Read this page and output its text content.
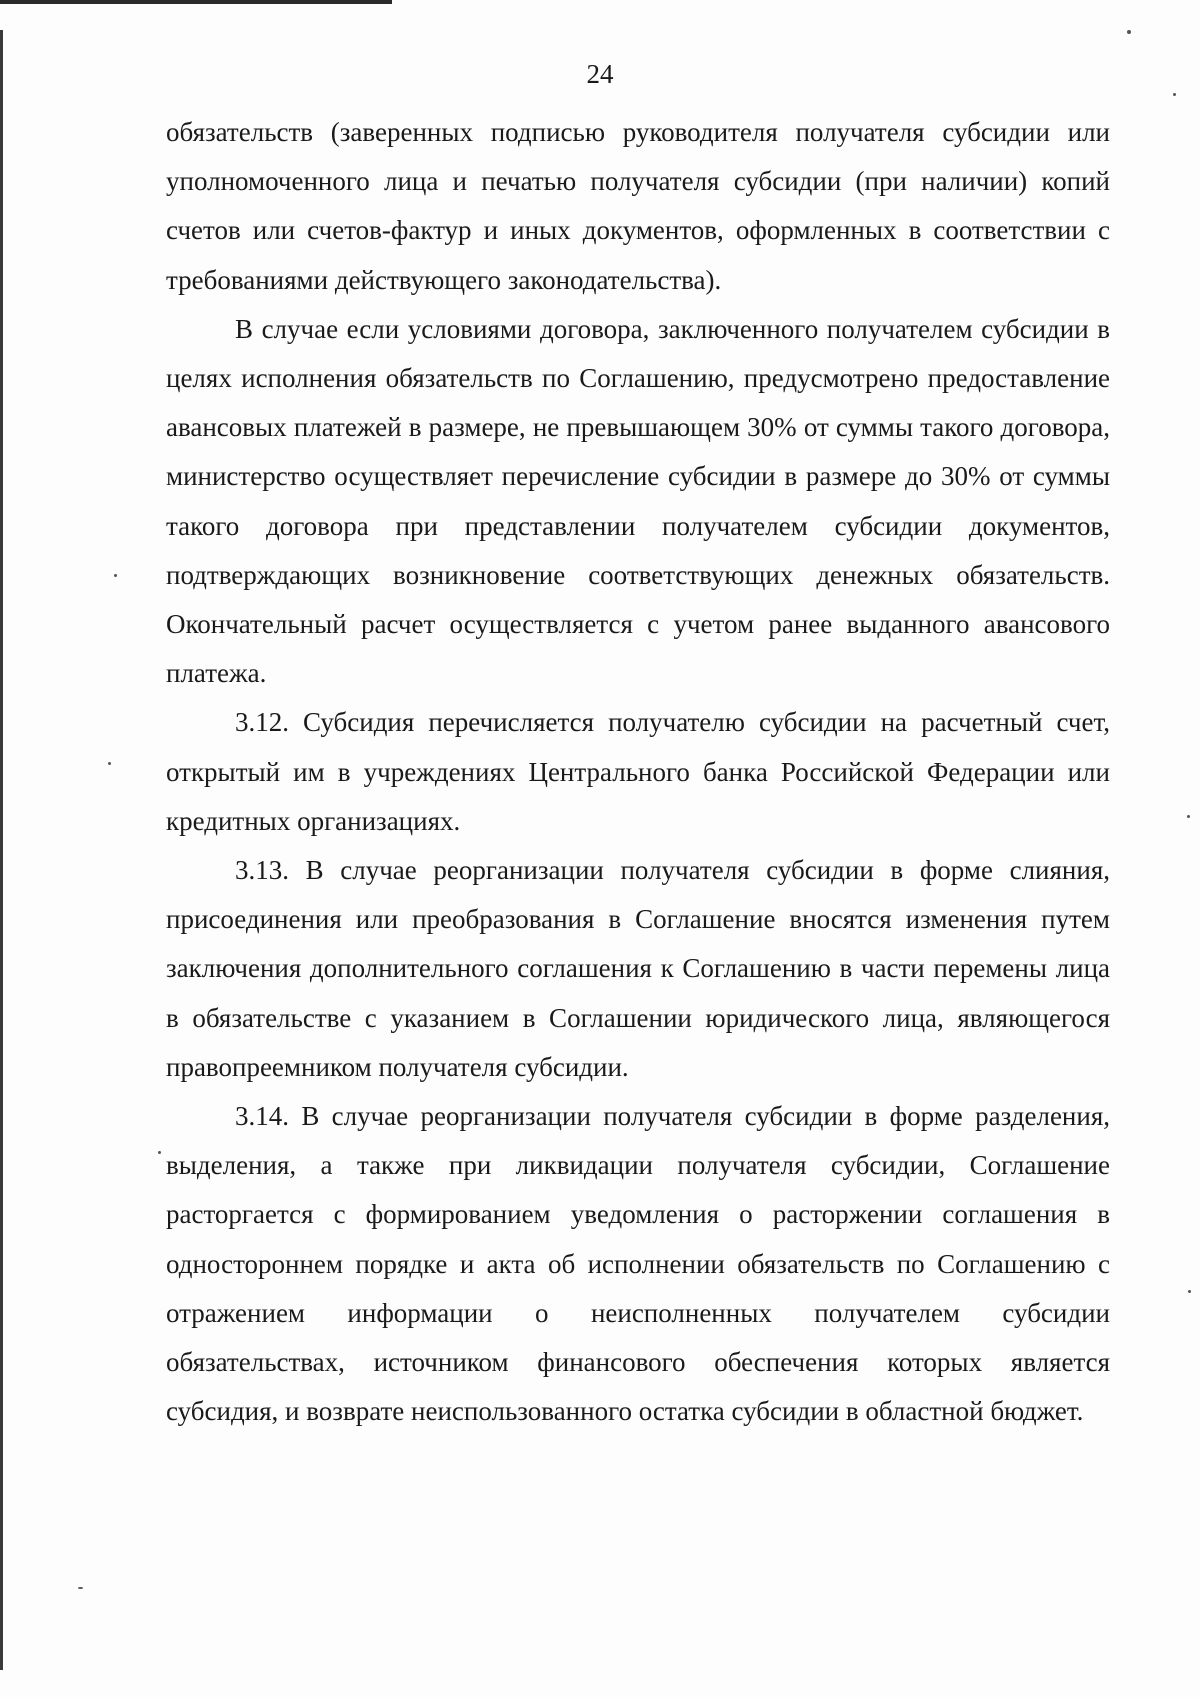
24

обязательств (заверенных подписью руководителя получателя субсидии или уполномоченного лица и печатью получателя субсидии (при наличии) копий счетов или счетов-фактур и иных документов, оформленных в соответствии с требованиями действующего законодательства).

В случае если условиями договора, заключенного получателем субсидии в целях исполнения обязательств по Соглашению, предусмотрено предоставление авансовых платежей в размере, не превышающем 30% от суммы такого договора, министерство осуществляет перечисление субсидии в размере до 30% от суммы такого договора при представлении получателем субсидии документов, подтверждающих возникновение соответствующих денежных обязательств. Окончательный расчет осуществляется с учетом ранее выданного авансового платежа.

3.12. Субсидия перечисляется получателю субсидии на расчетный счет, открытый им в учреждениях Центрального банка Российской Федерации или кредитных организациях.

3.13. В случае реорганизации получателя субсидии в форме слияния, присоединения или преобразования в Соглашение вносятся изменения путем заключения дополнительного соглашения к Соглашению в части перемены лица в обязательстве с указанием в Соглашении юридического лица, являющегося правопреемником получателя субсидии.

3.14. В случае реорганизации получателя субсидии в форме разделения, выделения, а также при ликвидации получателя субсидии, Соглашение расторгается с формированием уведомления о расторжении соглашения в одностороннем порядке и акта об исполнении обязательств по Соглашению с отражением информации о неисполненных получателем субсидии обязательствах, источником финансового обеспечения которых является субсидия, и возврате неиспользованного остатка субсидии в областной бюджет.
